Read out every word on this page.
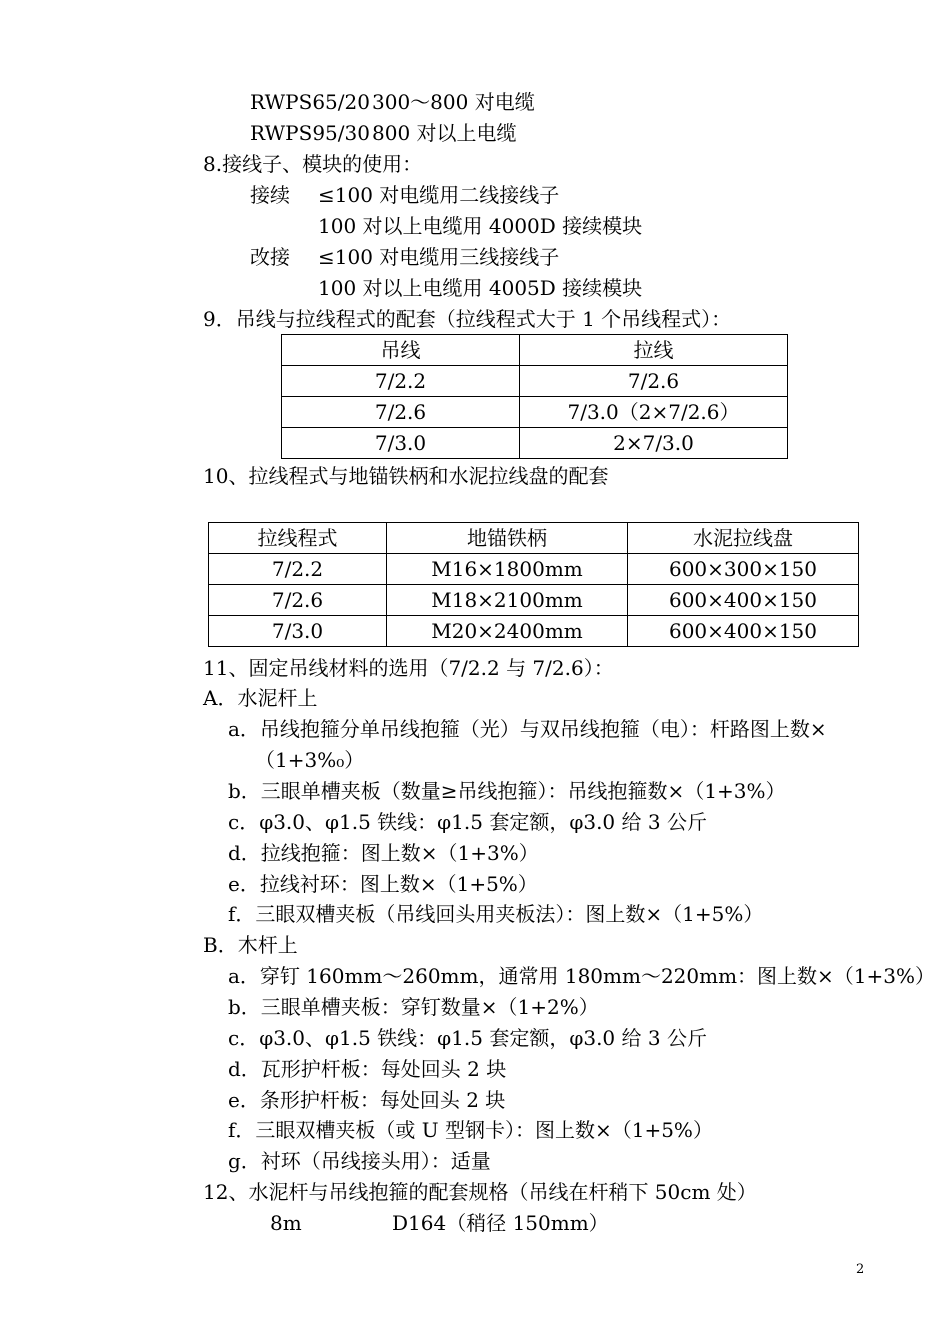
RWPS65/20 300～800 对电缆
RWPS95/30 800 对以上电缆
8.接线子、模块的使用：
接续 ≤100 对电缆用二线接线子
100 对以上电缆用 4000D 接续模块
改接 ≤100 对电缆用三线接线子
100 对以上电缆用 4005D 接续模块
9．吊线与拉线程式的配套（拉线程式大于 1 个吊线程式）：
吊线	拉线
7/2.2	7/2.6
7/2.6	7/3.0（2×7/2.6）
7/3.0	2×7/3.0
10、拉线程式与地锚铁柄和水泥拉线盘的配套
拉线程式	地锚铁柄	水泥拉线盘
7/2.2	M16×1800mm	600×300×150
7/2.6	M18×2100mm	600×400×150
7/3.0	M20×2400mm	600×400×150
11、固定吊线材料的选用（7/2.2 与 7/2.6）：
A．水泥杆上
a．吊线抱箍分单吊线抱箍（光）与双吊线抱箍（电）：杆路图上数×
（1+3%₀）
b．三眼单槽夹板（数量≥吊线抱箍）：吊线抱箍数×（1+3%）
c．φ3.0、φ1.5 铁线：φ1.5 套定额，φ3.0 给 3 公斤
d．拉线抱箍：图上数×（1+3%）
e．拉线衬环：图上数×（1+5%）
f．三眼双槽夹板（吊线回头用夹板法）：图上数×（1+5%）
B．木杆上
a．穿钉 160mm～260mm，通常用 180mm～220mm：图上数×（1+3%）
b．三眼单槽夹板：穿钉数量×（1+2%）
c．φ3.0、φ1.5 铁线：φ1.5 套定额，φ3.0 给 3 公斤
d．瓦形护杆板：每处回头 2 块
e．条形护杆板：每处回头 2 块
f．三眼双槽夹板（或 U 型钢卡）：图上数×（1+5%）
g．衬环（吊线接头用）：适量
12、水泥杆与吊线抱箍的配套规格（吊线在杆稍下 50cm 处）
8m	D164（稍径 150mm）
2
